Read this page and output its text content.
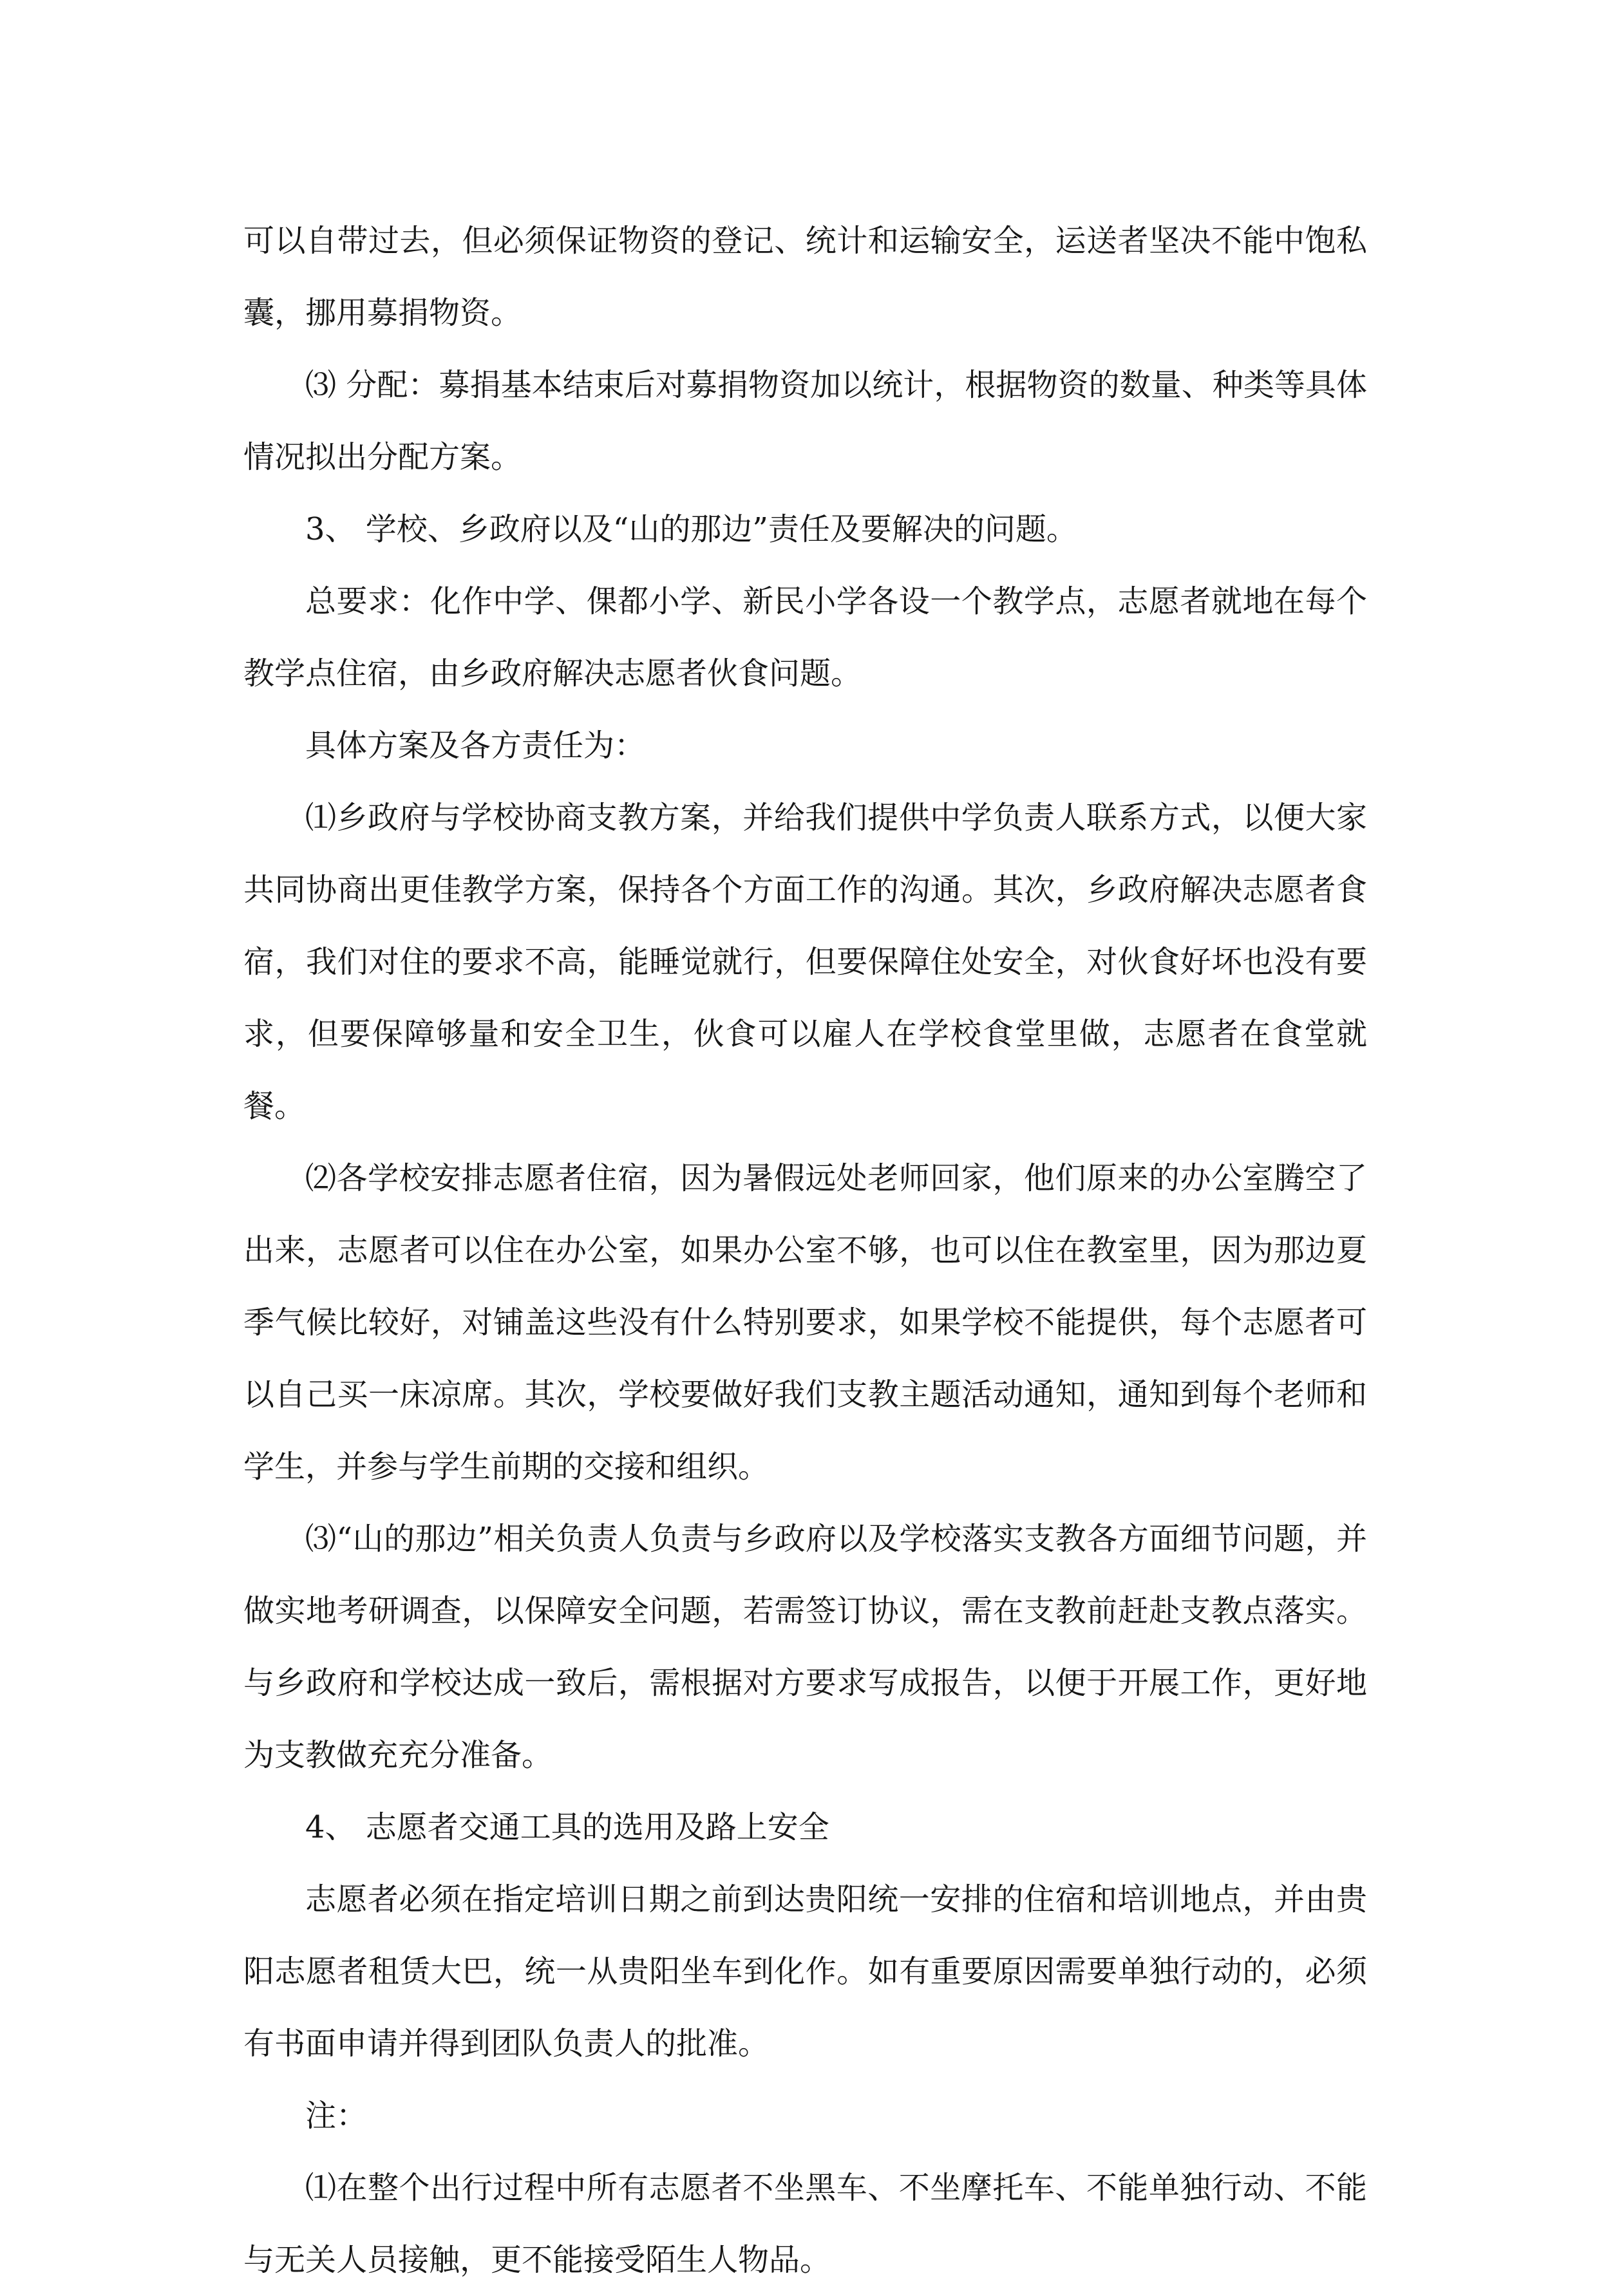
可以自带过去，但必须保证物资的登记、统计和运输安全，运送者坚决不能中饱私囊，挪用募捐物资。

⑶ 分配：募捐基本结束后对募捐物资加以统计，根据物资的数量、种类等具体情况拟出分配方案。

3、 学校、乡政府以及“山的那边”责任及要解决的问题。

总要求：化作中学、倮都小学、新民小学各设一个教学点，志愿者就地在每个教学点住宿，由乡政府解决志愿者伙食问题。

具体方案及各方责任为：

⑴乡政府与学校协商支教方案，并给我们提供中学负责人联系方式，以便大家共同协商出更佳教学方案，保持各个方面工作的沟通。其次，乡政府解决志愿者食宿，我们对住的要求不高，能睡觉就行，但要保障住处安全，对伙食好坏也没有要求，但要保障够量和安全卫生，伙食可以雇人在学校食堂里做，志愿者在食堂就餐。

⑵各学校安排志愿者住宿，因为暑假远处老师回家，他们原来的办公室腾空了出来，志愿者可以住在办公室，如果办公室不够，也可以住在教室里，因为那边夏季气候比较好，对铺盖这些没有什么特别要求，如果学校不能提供，每个志愿者可以自己买一床凉席。其次，学校要做好我们支教主题活动通知，通知到每个老师和学生，并参与学生前期的交接和组织。

⑶“山的那边”相关负责人负责与乡政府以及学校落实支教各方面细节问题，并做实地考研调查，以保障安全问题，若需签订协议，需在支教前赶赴支教点落实。与乡政府和学校达成一致后，需根据对方要求写成报告，以便于开展工作，更好地为支教做充充分准备。

4、 志愿者交通工具的选用及路上安全

志愿者必须在指定培训日期之前到达贵阳统一安排的住宿和培训地点，并由贵阳志愿者租赁大巴，统一从贵阳坐车到化作。如有重要原因需要单独行动的，必须有书面申请并得到团队负责人的批准。

注：

⑴在整个出行过程中所有志愿者不坐黑车、不坐摩托车、不能单独行动、不能与无关人员接触，更不能接受陌生人物品。
